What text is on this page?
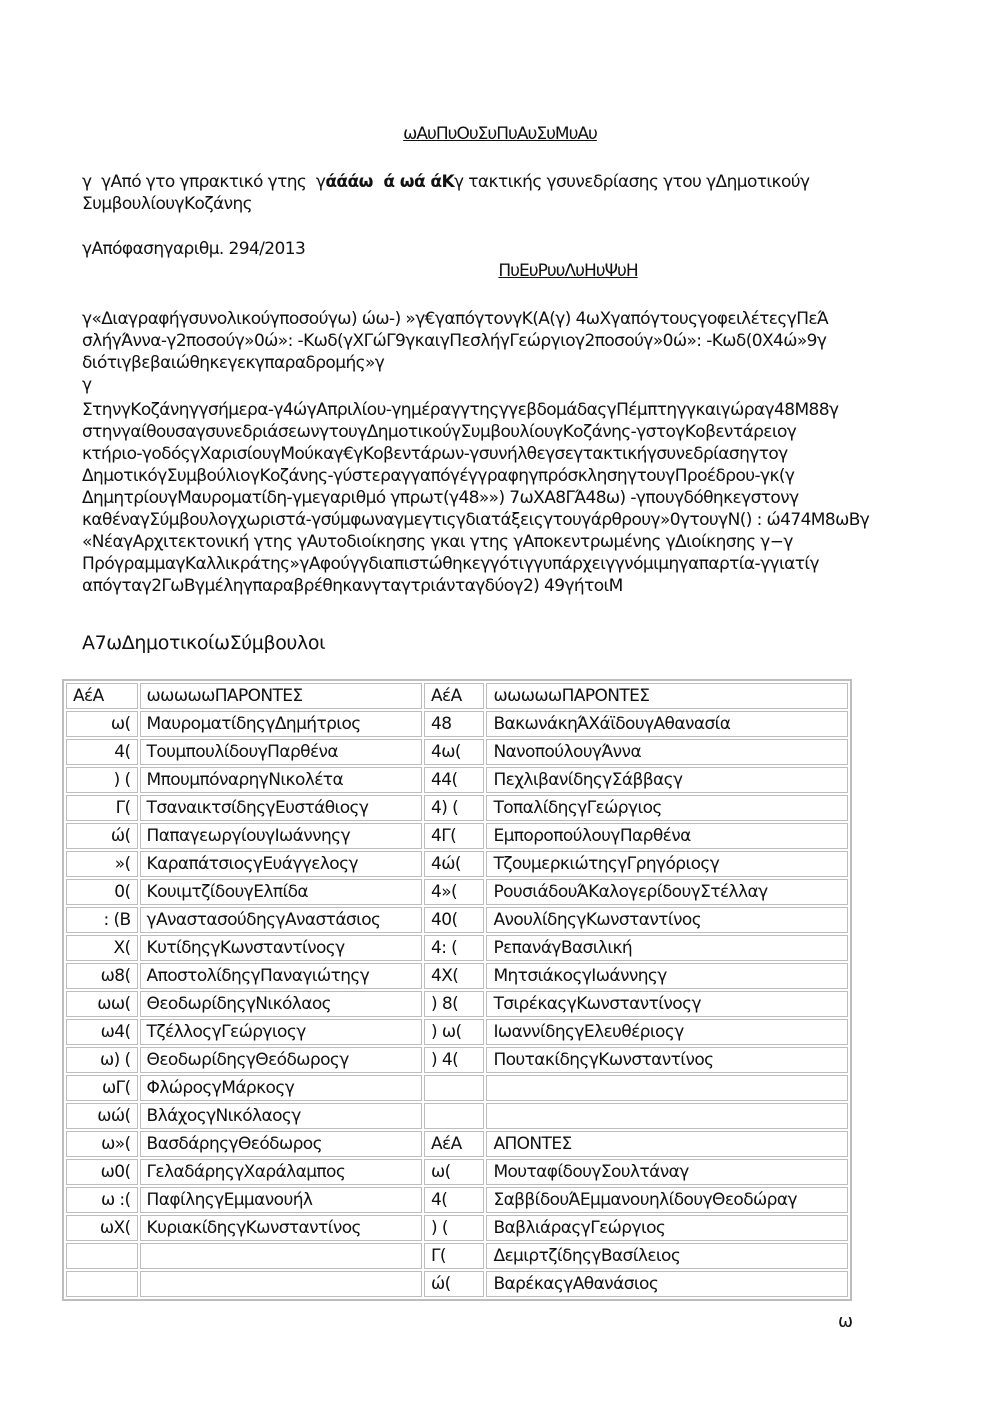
ωΑυΠυΟυΣυΠυΑυΣυΜυΑυ
γ  γΑπό γτο γπρακτικό γτης  γάάάω  ά ωά άΚγ τακτικής γσυνεδρίασης γτου γΔημοτικούγ
ΣυμβουλίουγΚοζάνης
γΑπόφασηγαριθμ. 294/2013
ΠυΕυΡυυΛυΗυΨυΗ
γ«Διαγραφήγσυνολικούγποσούγω) ώω-) »γ€γαπόγτονγΚ(Α(γ) 4ωΧγαπόγτουςγοφειλέτεςγΠεΆ
σλήγΆννα-γ2ποσούγ»0ώ»: -Κωδ(γΧΓώΓ9γκαιγΠεσλήγΓεώργιογ2ποσούγ»0ώ»: -Κωδ(0Χ4ώ»9γ
διότιγβεβαιώθηκεγεκγπαραδρομής»γ
γ
ΣτηνγΚοζάνηγγσήμερα-γ4ώγΑπριλίου-γημέραγγτηςγγεβδομάδαςγΠέμπτηγγκαιγώραγ48Μ88γ
στηνγαίθουσαγσυνεδριάσεωνγτουγΔημοτικούγΣυμβουλίουγΚοζάνης-γστογΚοβεντάρειογ
κτήριο-γοδόςγΧαρισίουγΜούκαγ€γΚοβεντάρων-γσυνήλθεγσεγτακτικήγσυνεδρίασηγτογ
ΔημοτικόγΣυμβούλιογΚοζάνης-γύστεραγγαπόγέγγραφηγπρόσκλησηγτουγΠροέδρου-γκ(γ
ΔημητρίουγΜαυροματίδη-γμεγαριθμό γπρωτ(γ48»») 7ωΧΑ8ΓΆ48ω) -γπουγδόθηκεγστονγ
καθέναγΣύμβουλογχωριστά-γσύμφωναγμεγτιςγδιατάξειςγτουγάρθρουγ»0γτουγΝ() : ώ474Μ8ωΒγ
«ΝέαγΑρχιτεκτονική γτης γΑυτοδιοίκησης γκαι γτης γΑποκεντρωμένης γΔιοίκησης γ−γ
ΠρόγραμμαγΚαλλικράτης»γΑφούγγδιαπιστώθηκεγγότιγγυπάρχειγγνόμιμηγαπαρτία-γγιατίγ
απόγταγ2ΓωΒγμέληγπαραβρέθηκανγταγτριάνταγδύογ2) 49γήτοιΜ
Α7ωΔημοτικοίωΣύμβουλοι
ΑέΑ	ωωωωωΠΑΡΟΝΤΕΣ	ΑέΑ	ωωωωωΠΑΡΟΝΤΕΣ
ω(	ΜαυροματίδηςγΔημήτριος	48	ΒακωνάκηΆΧάϊδουγΑθανασία
4(	ΤουμπουλίδουγΠαρθένα	4ω(	ΝανοπούλουγΆννα
) (	ΜπουμπόναρηγΝικολέτα	44(	ΠεχλιβανίδηςγΣάββαςγ
Γ(	ΤσαναικτσίδηςγΕυστάθιοςγ	4) (	ΤοπαλίδηςγΓεώργιος
ώ(	ΠαπαγεωργίουγΙωάννηςγ	4Γ(	ΕμποροπούλουγΠαρθένα
»(	ΚαραπάτσιοςγΕυάγγελοςγ	4ώ(	ΤζουμερκιώτηςγΓρηγόριοςγ
0(	ΚουιμτζίδουγΕλπίδα	4»(	ΡουσιάδουΆΚαλογερίδουγΣτέλλαγ
: (Β	γΑναστασούδηςγΑναστάσιος	40(	ΑνουλίδηςγΚωνσταντίνος
Χ(	ΚυτίδηςγΚωνσταντίνοςγ	4: (	ΡεπανάγΒασιλική
ω8(	ΑποστολίδηςγΠαναγιώτηςγ	4Χ(	ΜητσιάκοςγΙωάννηςγ
ωω(	ΘεοδωρίδηςγΝικόλαος	) 8(	ΤσιρέκαςγΚωνσταντίνοςγ
ω4(	ΤζέλλοςγΓεώργιοςγ	) ω(	ΙωαννίδηςγΕλευθέριοςγ
ω) (	ΘεοδωρίδηςγΘεόδωροςγ	) 4(	ΠουτακίδηςγΚωνσταντίνος
ωΓ(	ΦλώροςγΜάρκοςγ		
ωώ(	ΒλάχοςγΝικόλαοςγ		
ω»(	ΒασδάρηςγΘεόδωρος	ΑέΑ	ΑΠΟΝΤΕΣ
ω0(	ΓελαδάρηςγΧαράλαμπος	ω(	ΜουταφίδουγΣουλτάναγ
ω :(	ΠαφίληςγΕμμανουήλ	4(	ΣαββίδουΆΕμμανουηλίδουγΘεοδώραγ
ωΧ(	ΚυριακίδηςγΚωνσταντίνος	) (	ΒαβλιάραςγΓεώργιος
		Γ(	ΔεμιρτζίδηςγΒασίλειος
		ώ(	ΒαρέκαςγΑθανάσιος
ω
